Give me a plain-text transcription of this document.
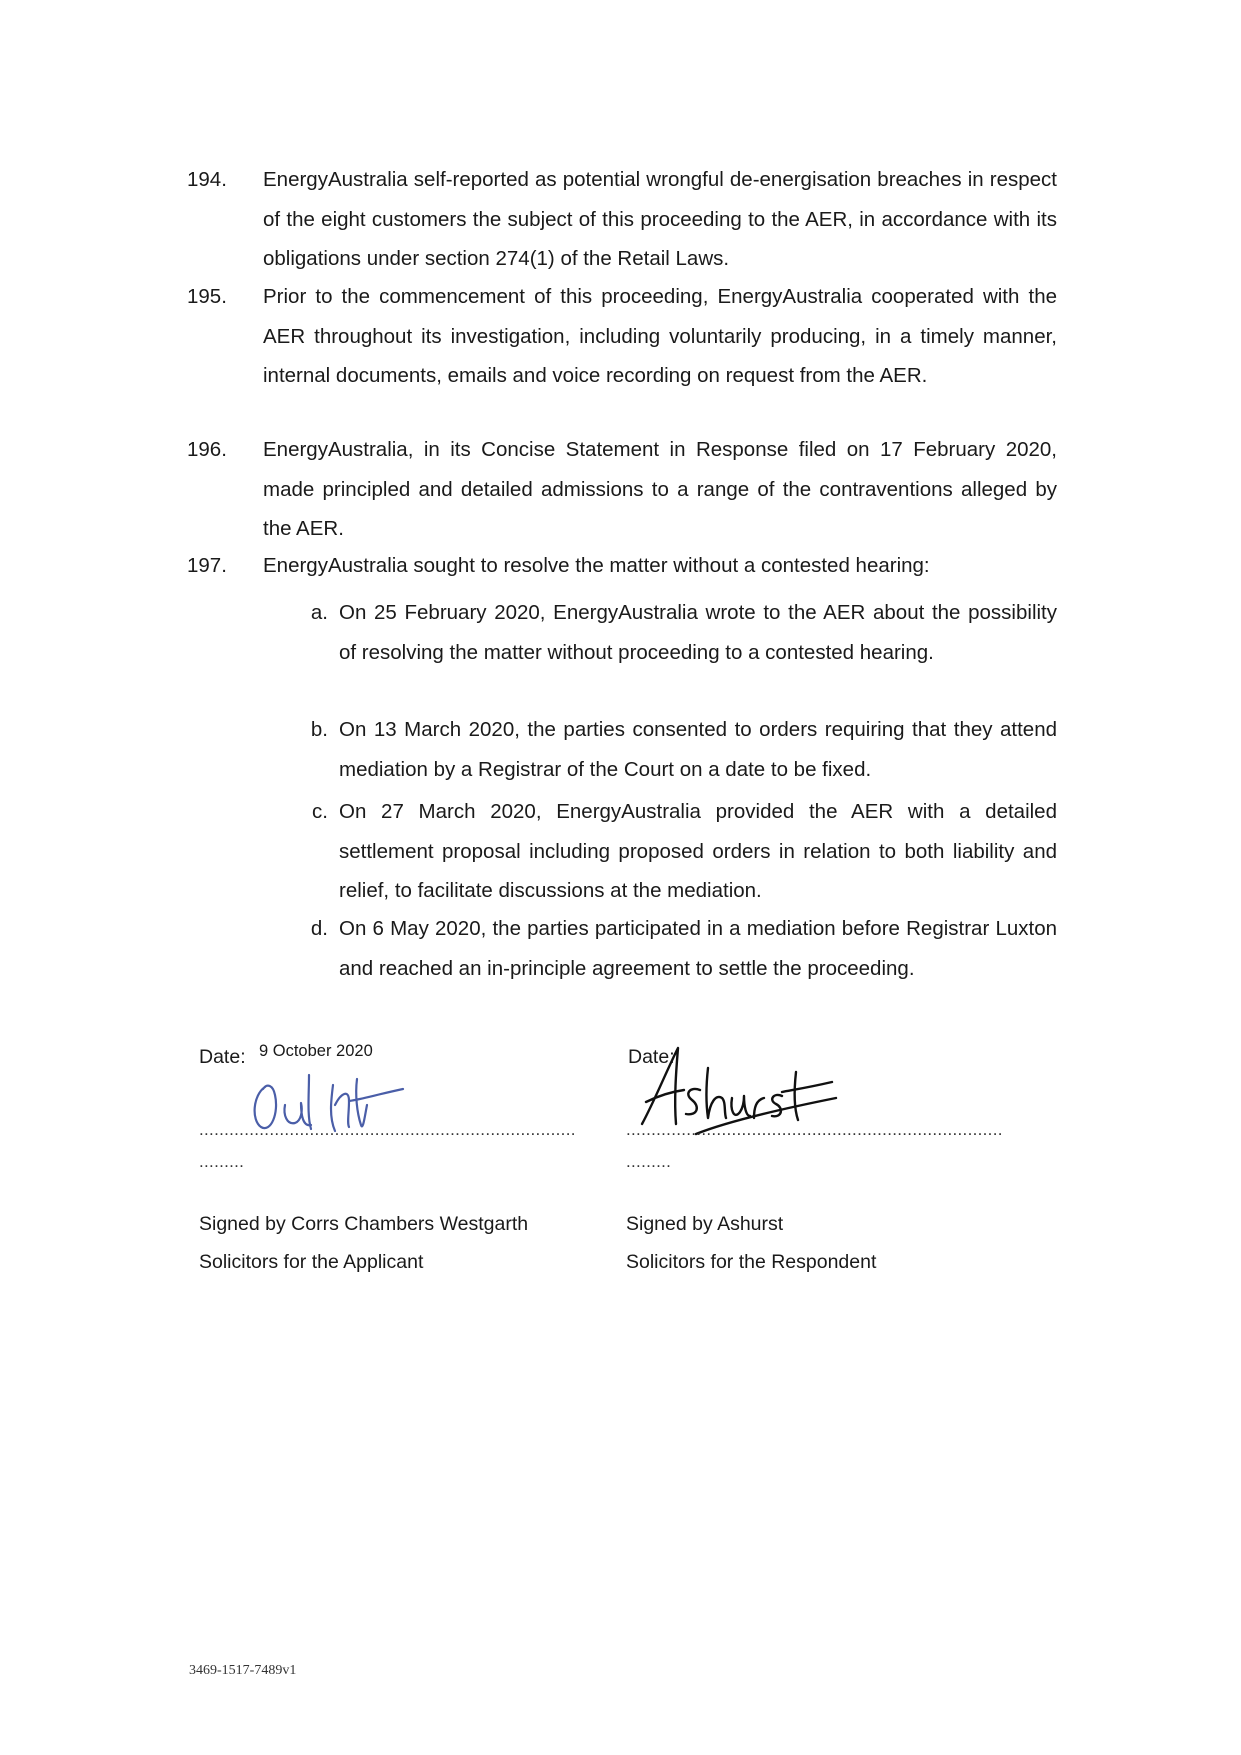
194. EnergyAustralia self-reported as potential wrongful de-energisation breaches in respect of the eight customers the subject of this proceeding to the AER, in accordance with its obligations under section 274(1) of the Retail Laws.
195. Prior to the commencement of this proceeding, EnergyAustralia cooperated with the AER throughout its investigation, including voluntarily producing, in a timely manner, internal documents, emails and voice recording on request from the AER.
196. EnergyAustralia, in its Concise Statement in Response filed on 17 February 2020, made principled and detailed admissions to a range of the contraventions alleged by the AER.
197. EnergyAustralia sought to resolve the matter without a contested hearing:
a. On 25 February 2020, EnergyAustralia wrote to the AER about the possibility of resolving the matter without proceeding to a contested hearing.
b. On 13 March 2020, the parties consented to orders requiring that they attend mediation by a Registrar of the Court on a date to be fixed.
c. On 27 March 2020, EnergyAustralia provided the AER with a detailed settlement proposal including proposed orders in relation to both liability and relief, to facilitate discussions at the mediation.
d. On 6 May 2020, the parties participated in a mediation before Registrar Luxton and reached an in-principle agreement to settle the proceeding.
Date: 9 October 2020
...........................................................................
.........
Signed by Corrs Chambers Westgarth
Solicitors for the Applicant
Date:
...........................................................................
.........
Signed by Ashurst
Solicitors for the Respondent
3469-1517-7489v1
